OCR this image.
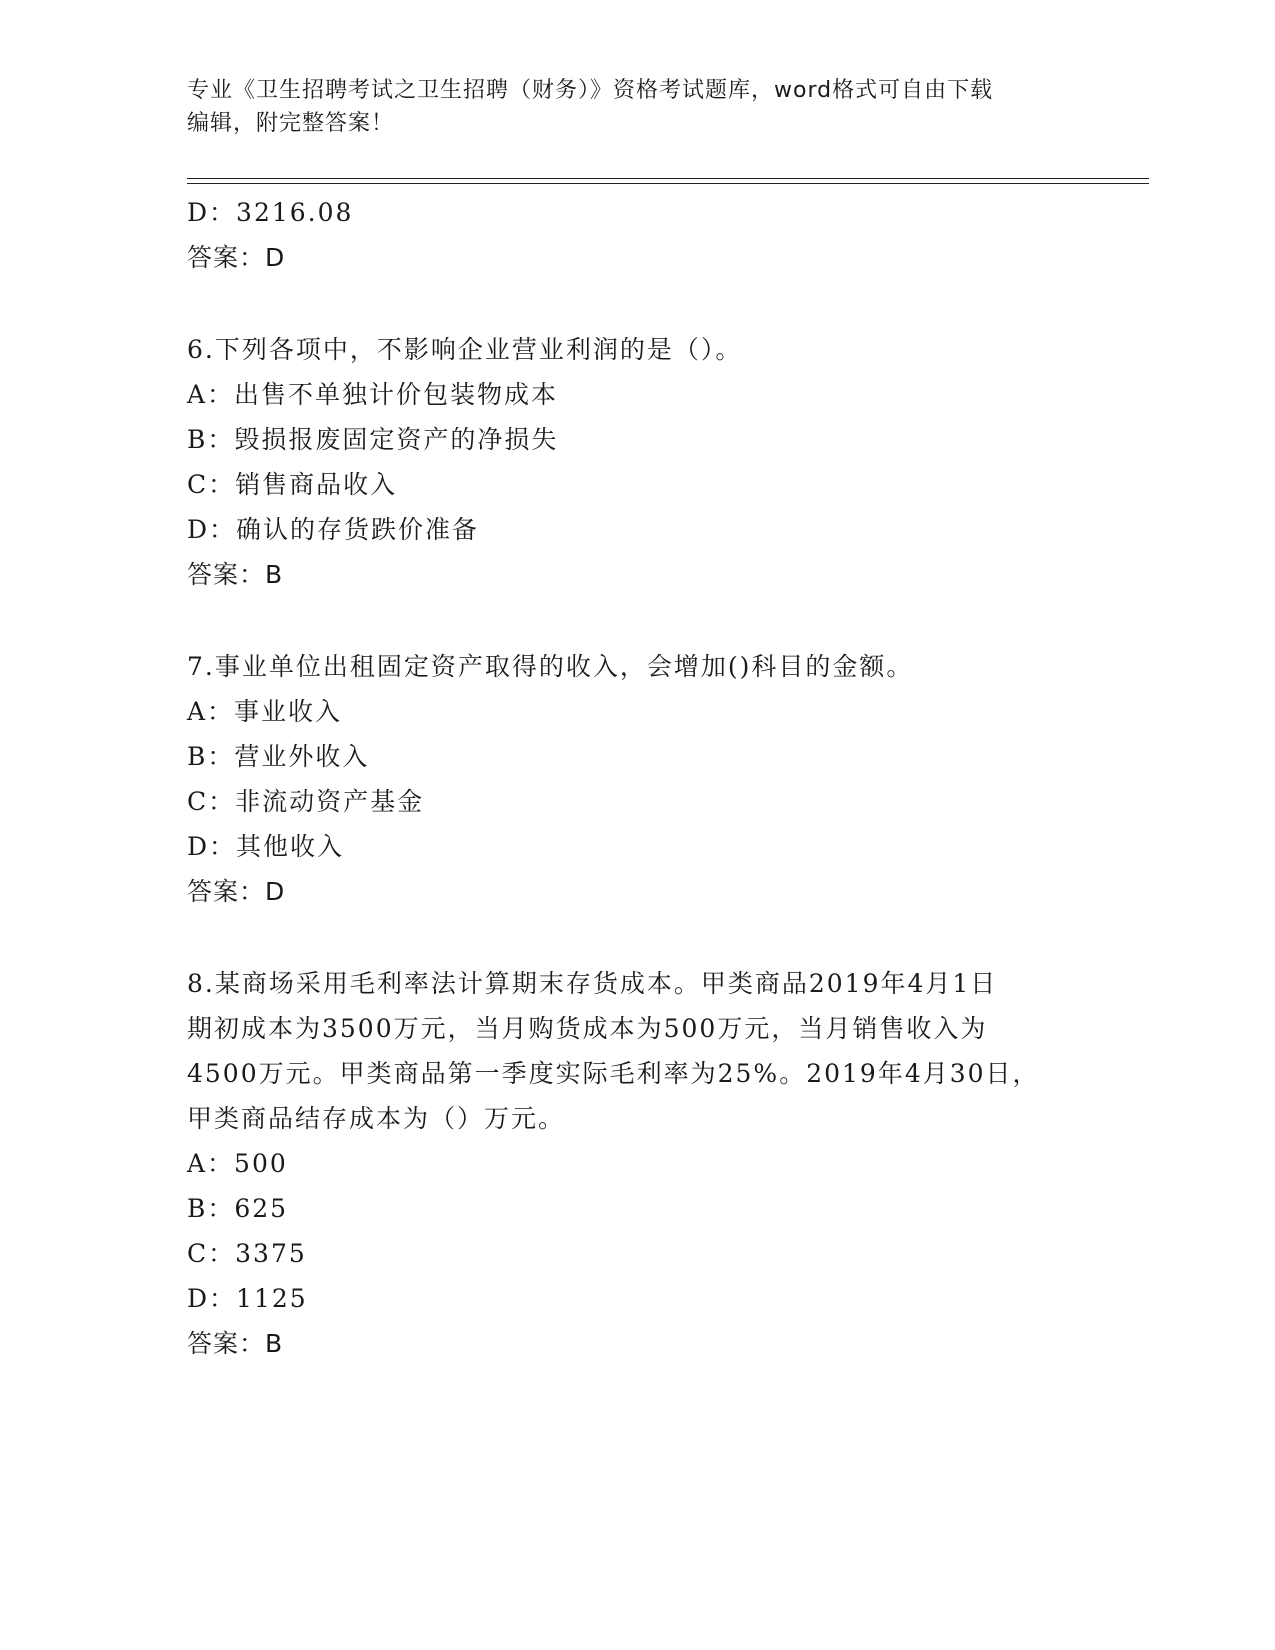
专业《卫生招聘考试之卫生招聘（财务）》资格考试题库，word格式可自由下载
编辑，附完整答案！
D：3216.08
答案：D
6.下列各项中，不影响企业营业利润的是（）。
A：出售不单独计价包装物成本
B：毁损报废固定资产的净损失
C：销售商品收入
D：确认的存货跌价准备
答案：B
7.事业单位出租固定资产取得的收入，会增加()科目的金额。
A：事业收入
B：营业外收入
C：非流动资产基金
D：其他收入
答案：D
8.某商场采用毛利率法计算期末存货成本。甲类商品2019年4月1日
期初成本为3500万元，当月购货成本为500万元，当月销售收入为
4500万元。甲类商品第一季度实际毛利率为25%。2019年4月30日，
甲类商品结存成本为（）万元。
A：500
B：625
C：3375
D：1125
答案：B
